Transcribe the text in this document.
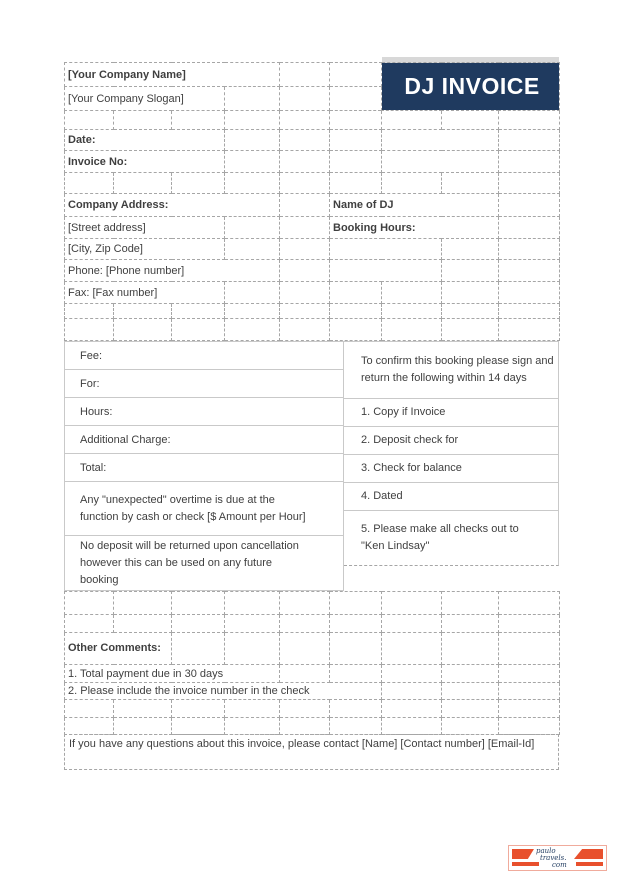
[Your Company Name]						DJ INVOICE		
[Your Company Slogan]								

Date:								
Invoice No:								

Company Address:					Name of DJ			
[Street address]					Booking Hours:			
[City, Zip Code]								
Phone: [Phone number]								
Fax: [Fax number]								

Fee:
For:
Hours:
Additional Charge:
Total:
Any "unexpected" overtime is due at the function by cash or check [$ Amount per Hour]
No deposit will be returned upon cancellation however this can be used on any future booking
To confirm this booking please sign and return the following within 14 days
1. Copy if Invoice
2. Deposit check for
3. Check for balance
4. Dated
5. Please make all checks out to "Ken Lindsay"

Other Comments:								
1. Total payment due in 30 days								
2. Please include the invoice number in the check								

If you have any questions about this invoice, please contact [Name] [Contact number] [Email-Id]
paulo
travels.
com
